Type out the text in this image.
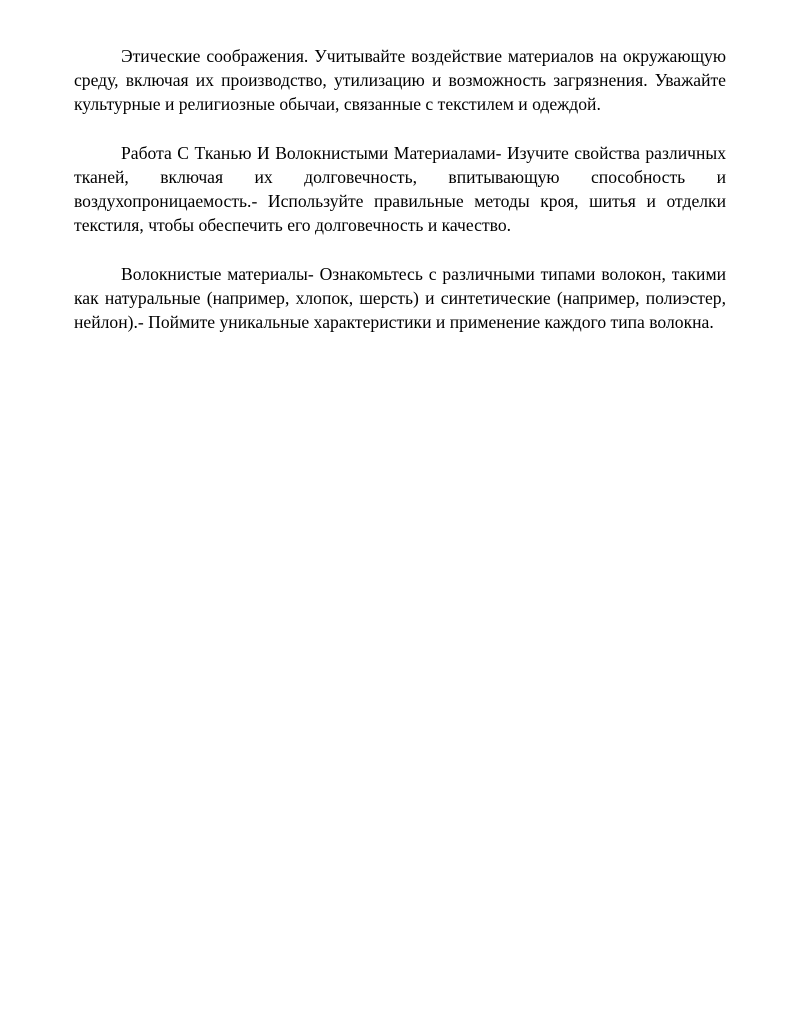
Этические соображения. Учитывайте воздействие материалов на окружающую среду, включая их производство, утилизацию и возможность загрязнения. Уважайте культурные и религиозные обычаи, связанные с текстилем и одеждой.

Работа С Тканью И Волокнистыми Материалами- Изучите свойства различных тканей, включая их долговечность, впитывающую способность и воздухопроницаемость.- Используйте правильные методы кроя, шитья и отделки текстиля, чтобы обеспечить его долговечность и качество.

Волокнистые материалы- Ознакомьтесь с различными типами волокон, такими как натуральные (например, хлопок, шерсть) и синтетические (например, полиэстер, нейлон).- Поймите уникальные характеристики и применение каждого типа волокна.
